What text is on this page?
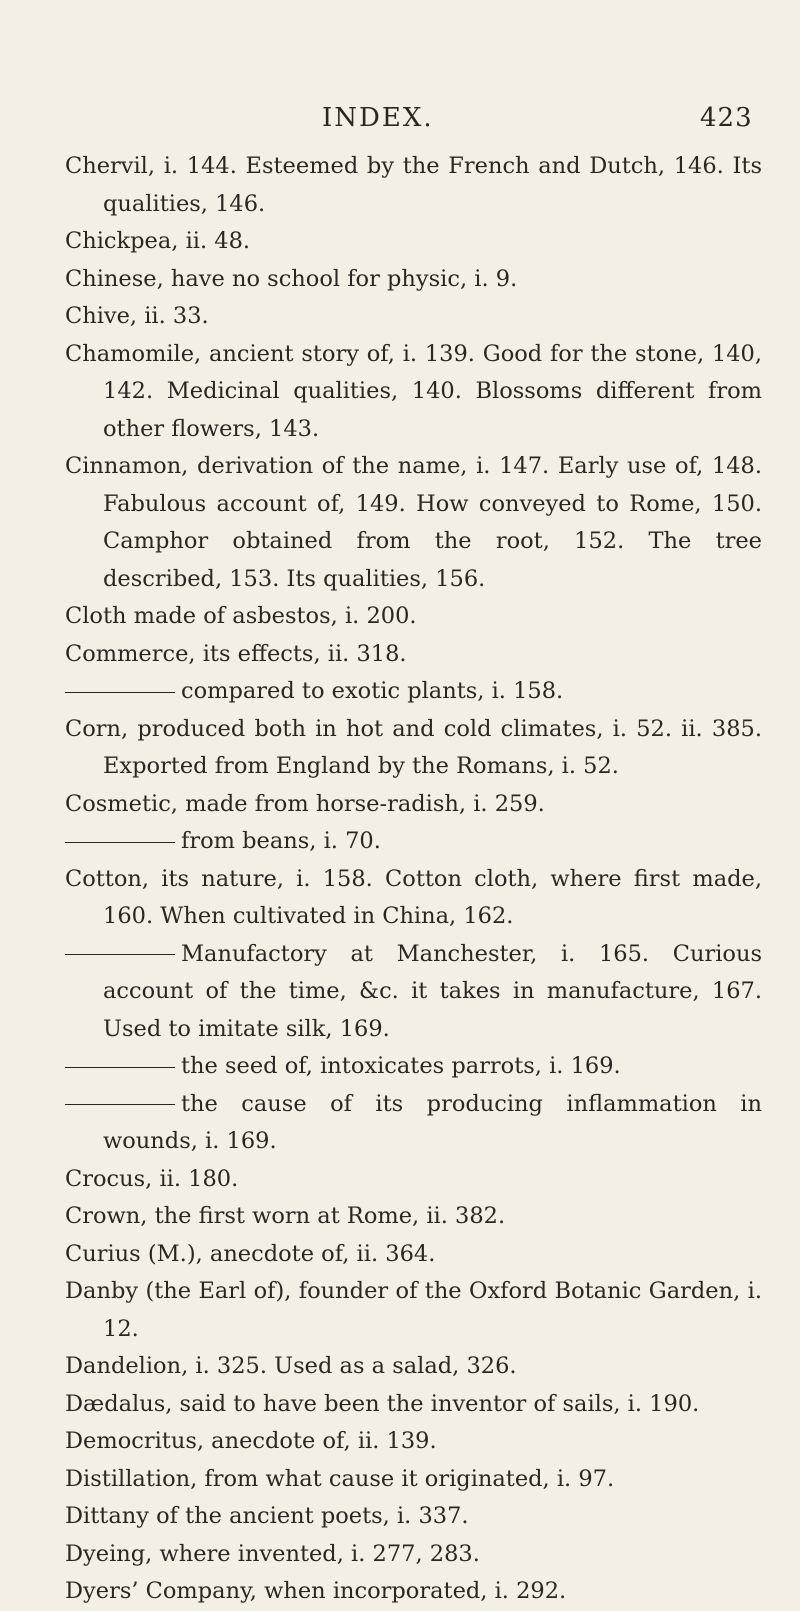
INDEX.	423
Chervil, i. 144. Esteemed by the French and Dutch, 146. Its qualities, 146.
Chickpea, ii. 48.
Chinese, have no school for physic, i. 9.
Chive, ii. 33.
Chamomile, ancient story of, i. 139. Good for the stone, 140, 142. Medicinal qualities, 140. Blossoms different from other flowers, 143.
Cinnamon, derivation of the name, i. 147. Early use of, 148. Fabulous account of, 149. How conveyed to Rome, 150. Camphor obtained from the root, 152. The tree described, 153. Its qualities, 156.
Cloth made of asbestos, i. 200.
Commerce, its effects, ii. 318.
compared to exotic plants, i. 158.
Corn, produced both in hot and cold climates, i. 52. ii. 385. Exported from England by the Romans, i. 52.
Cosmetic, made from horse-radish, i. 259.
from beans, i. 70.
Cotton, its nature, i. 158. Cotton cloth, where first made, 160. When cultivated in China, 162.
Manufactory at Manchester, i. 165. Curious account of the time, &c. it takes in manufacture, 167. Used to imitate silk, 169.
the seed of, intoxicates parrots, i. 169.
the cause of its producing inflammation in wounds, i. 169.
Crocus, ii. 180.
Crown, the first worn at Rome, ii. 382.
Curius (M.), anecdote of, ii. 364.
Danby (the Earl of), founder of the Oxford Botanic Garden, i. 12.
Dandelion, i. 325. Used as a salad, 326.
Dædalus, said to have been the inventor of sails, i. 190.
Democritus, anecdote of, ii. 139.
Distillation, from what cause it originated, i. 97.
Dittany of the ancient poets, i. 337.
Dyeing, where invented, i. 277, 283.
Dyers’ Company, when incorporated, i. 292.
